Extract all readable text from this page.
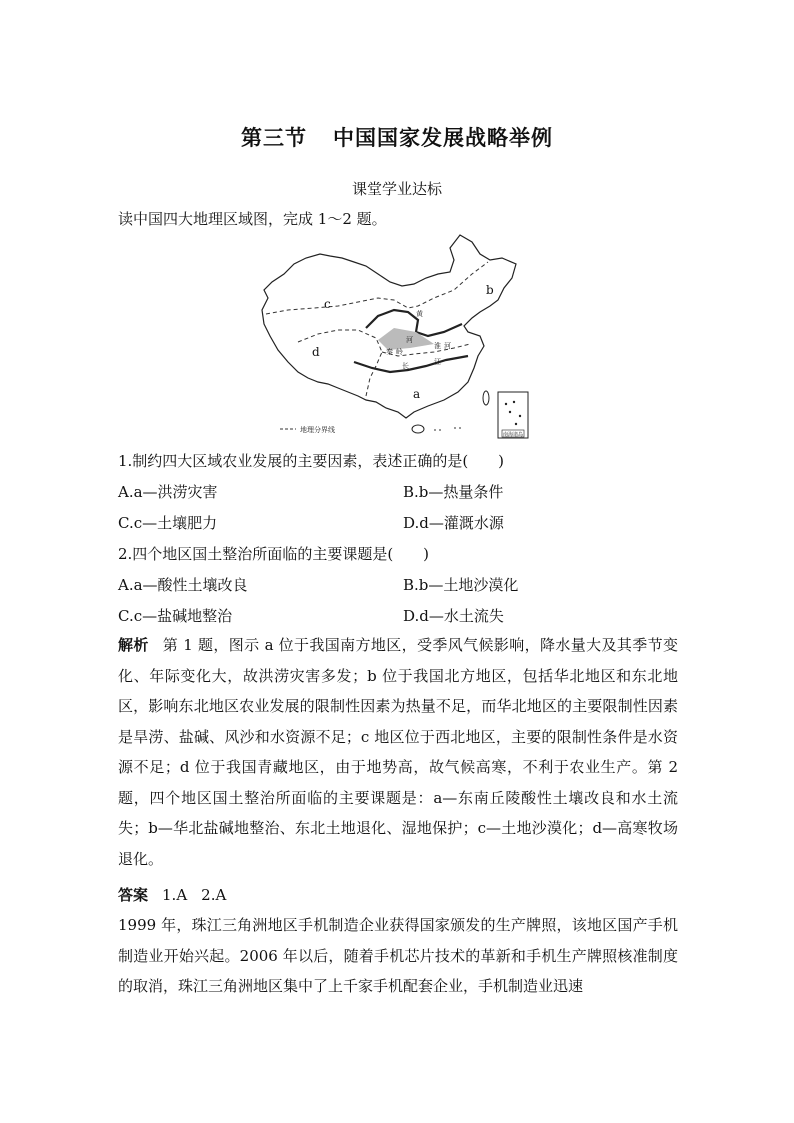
第三节 中国国家发展战略举例
课堂学业达标
读中国四大地理区域图，完成 1～2 题。
a
b
c
d
黄
河
秦 岭
长	江
淮 河
地理分界线
南海诸岛
1.制约四大区域农业发展的主要因素，表述正确的是(　　)
A.a—洪涝灾害	B.b—热量条件
C.c—土壤肥力	D.d—灌溉水源
2.四个地区国土整治所面临的主要课题是(　　)
A.a—酸性土壤改良	B.b—土地沙漠化
C.c—盐碱地整治	D.d—水土流失
解析 第 1 题，图示 a 位于我国南方地区，受季风气候影响，降水量大及其季节变化、年际变化大，故洪涝灾害多发；b 位于我国北方地区，包括华北地区和东北地区，影响东北地区农业发展的限制性因素为热量不足，而华北地区的主要限制性因素是旱涝、盐碱、风沙和水资源不足；c 地区位于西北地区，主要的限制性条件是水资源不足；d 位于我国青藏地区，由于地势高，故气候高寒，不利于农业生产。第 2 题，四个地区国土整治所面临的主要课题是：a—东南丘陵酸性土壤改良和水土流失；b—华北盐碱地整治、东北土地退化、湿地保护；c—土地沙漠化；d—高寒牧场退化。
答案 1.A 2.A
1999 年，珠江三角洲地区手机制造企业获得国家颁发的生产牌照，该地区国产手机制造业开始兴起。2006 年以后，随着手机芯片技术的革新和手机生产牌照核准制度的取消，珠江三角洲地区集中了上千家手机配套企业，手机制造业迅速
